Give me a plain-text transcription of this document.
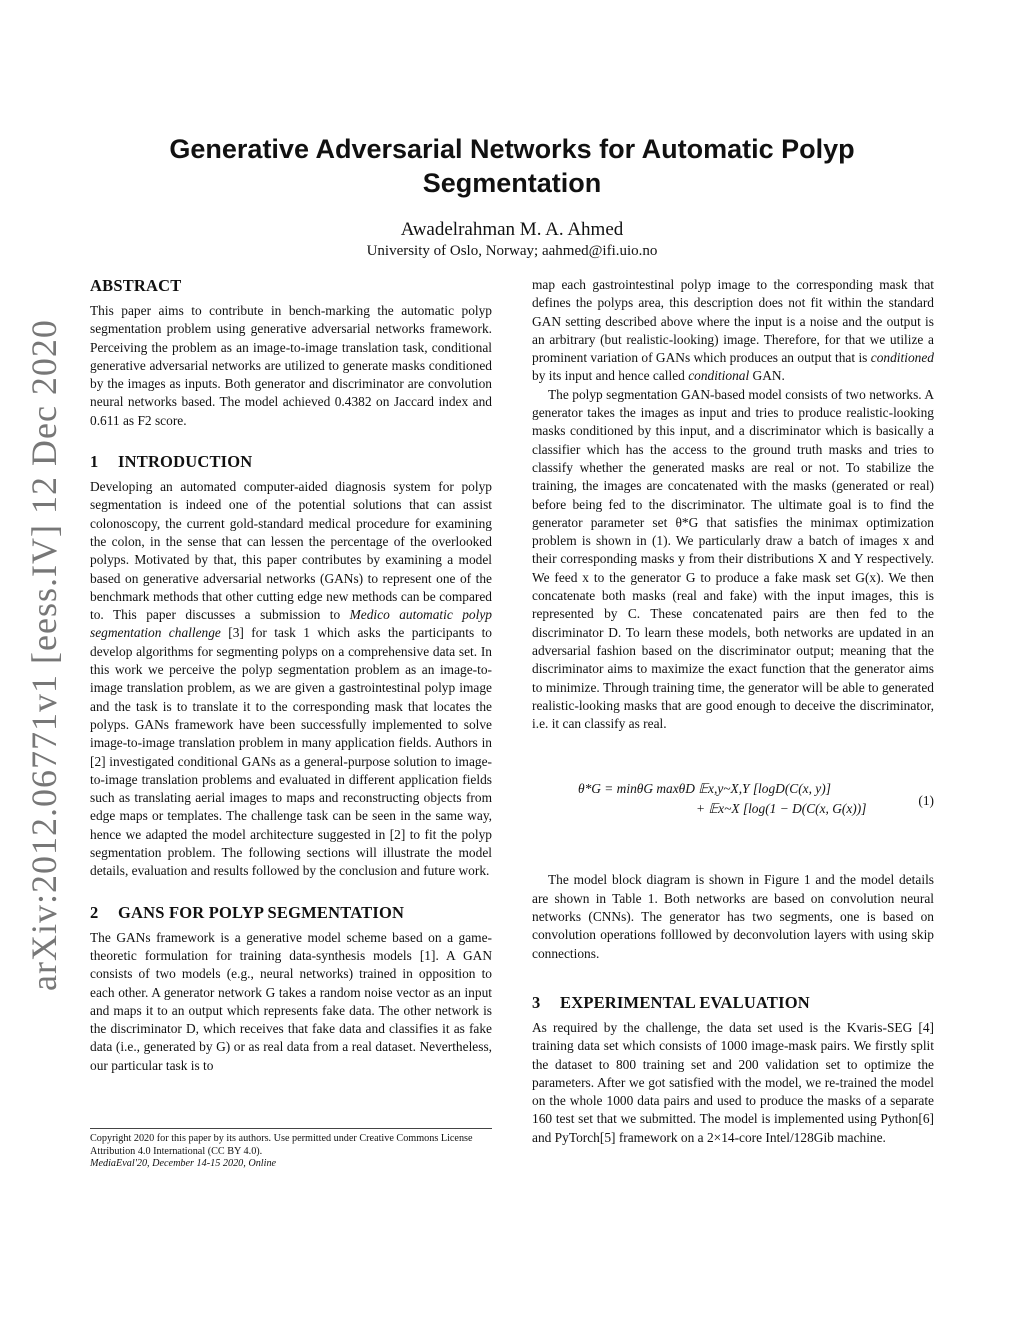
arXiv:2012.06771v1 [eess.IV] 12 Dec 2020
Generative Adversarial Networks for Automatic Polyp Segmentation
Awadelrahman M. A. Ahmed
University of Oslo, Norway; aahmed@ifi.uio.no
ABSTRACT

This paper aims to contribute in bench-marking the automatic polyp segmentation problem using generative adversarial networks framework. Perceiving the problem as an image-to-image translation task, conditional generative adversarial networks are utilized to generate masks conditioned by the images as inputs. Both generator and discriminator are convolution neural networks based. The model achieved 0.4382 on Jaccard index and 0.611 as F2 score.

1 INTRODUCTION

Developing an automated computer-aided diagnosis system for polyp segmentation is indeed one of the potential solutions that can assist colonoscopy, the current gold-standard medical procedure for examining the colon, in the sense that can lessen the percentage of the overlooked polyps. Motivated by that, this paper contributes by examining a model based on generative adversarial networks (GANs) to represent one of the benchmark methods that other cutting edge new methods can be compared to. This paper discusses a submission to Medico automatic polyp segmentation challenge [3] for task 1 which asks the participants to develop algorithms for segmenting polyps on a comprehensive data set. In this work we perceive the polyp segmentation problem as an image-to-image translation problem, as we are given a gastrointestinal polyp image and the task is to translate it to the corresponding mask that locates the polyps. GANs framework have been successfully implemented to solve image-to-image translation problem in many application fields. Authors in [2] investigated conditional GANs as a general-purpose solution to image-to-image translation problems and evaluated in different application fields such as translating aerial images to maps and reconstructing objects from edge maps or templates. The challenge task can be seen in the same way, hence we adapted the model architecture suggested in [2] to fit the polyp segmentation problem. The following sections will illustrate the model details, evaluation and results followed by the conclusion and future work.

2 GANS FOR POLYP SEGMENTATION

The GANs framework is a generative model scheme based on a game-theoretic formulation for training data-synthesis models [1]. A GAN consists of two models (e.g., neural networks) trained in opposition to each other. A generator network G takes a random noise vector as an input and maps it to an output which represents fake data. The other network is the discriminator D, which receives that fake data and classifies it as fake data (i.e., generated by G) or as real data from a real dataset. Nevertheless, our particular task is to

map each gastrointestinal polyp image to the corresponding mask that defines the polyps area, this description does not fit within the standard GAN setting described above where the input is a noise and the output is an arbitrary (but realistic-looking) image. Therefore, for that we utilize a prominent variation of GANs which produces an output that is conditioned by its input and hence called conditional GAN.

The polyp segmentation GAN-based model consists of two networks. A generator takes the images as input and tries to produce realistic-looking masks conditioned by this input, and a discriminator which is basically a classifier which has the access to the ground truth masks and tries to classify whether the generated masks are real or not. To stabilize the training, the images are concatenated with the masks (generated or real) before being fed to the discriminator. The ultimate goal is to find the generator parameter set θ*G that satisfies the minimax optimization problem is shown in (1). We particularly draw a batch of images x and their corresponding masks y from their distributions X and Y respectively. We feed x to the generator G to produce a fake mask set G(x). We then concatenate both masks (real and fake) with the input images, this is represented by C. These concatenated pairs are then fed to the discriminator D. To learn these models, both networks are updated in an adversarial fashion based on the discriminator output; meaning that the discriminator aims to maximize the exact function that the generator aims to minimize. Through training time, the generator will be able to generated realistic-looking masks that are good enough to deceive the discriminator, i.e. it can classify as real.

θ*G = minθG maxθD 𝔼x,y~X,Y [logD(C(x, y)]
+ 𝔼x~X [log(1 − D(C(x, G(x))]
(1)

The model block diagram is shown in Figure 1 and the model details are shown in Table 1. Both networks are based on convolution neural networks (CNNs). The generator has two segments, one is based on convolution operations folllowed by deconvolution layers with using skip connections.

3 EXPERIMENTAL EVALUATION

As required by the challenge, the data set used is the Kvaris-SEG [4] training data set which consists of 1000 image-mask pairs. We firstly split the dataset to 800 training set and 200 validation set to optimize the parameters. After we got satisfied with the model, we re-trained the model on the whole 1000 data pairs and used to produce the masks of a separate 160 test set that we submitted. The model is implemented using Python[6] and PyTorch[5] framework on a 2×14-core Intel/128Gib machine.

Copyright 2020 for this paper by its authors. Use permitted under Creative Commons License Attribution 4.0 International (CC BY 4.0).

MediaEval'20, December 14-15 2020, Online
